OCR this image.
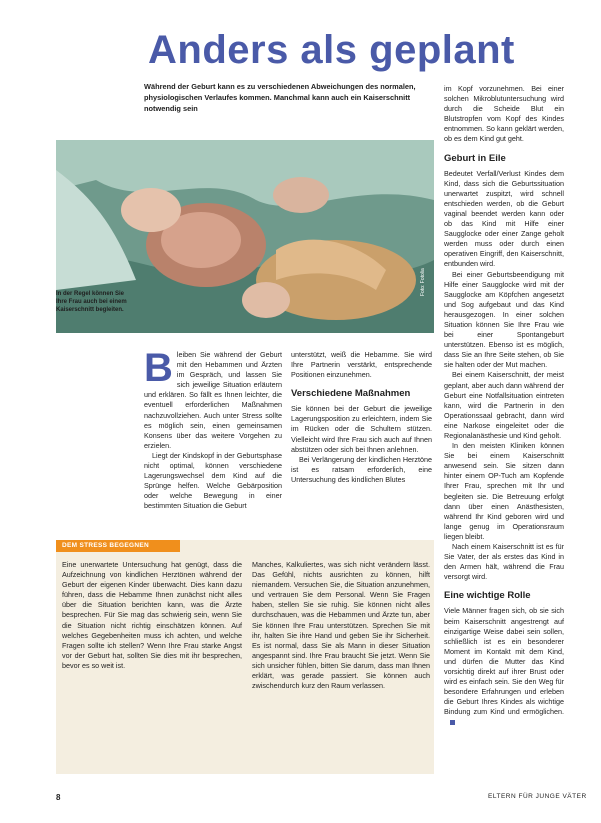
Anders als geplant
Während der Geburt kann es zu verschiedenen Abweichungen des normalen, physiologischen Verlaufes kommen. Manchmal kann auch ein Kaiserschnitt notwendig sein
Foto: Fotolia
In der Regel können Sie Ihre Frau auch bei einem Kaiserschnitt begleiten.

Bleiben Sie während der Geburt mit den Hebammen und Ärzten im Gespräch, und lassen Sie sich jeweilige Situation erläutern und erklären. So fällt es Ihnen leichter, die eventuell erforderlichen Maßnahmen nachzuvollziehen. Auch unter Stress sollte es möglich sein, einen gemeinsamen Konsens über das weitere Vorgehen zu erzielen.

Liegt der Kindskopf in der Geburtsphase nicht optimal, können verschiedene Lagerungswechsel dem Kind auf die Sprünge helfen. Welche Gebärposition oder welche Bewegung in einer bestimmten Situation die Geburt

unterstützt, weiß die Hebamme. Sie wird Ihre Partnerin verstärkt, entsprechende Positionen einzunehmen.

Verschiedene Maßnahmen

Sie können bei der Geburt die jeweilige Lagerungsposition zu erleichtern, indem Sie im Rücken oder die Schultern stützen. Vielleicht wird Ihre Frau sich auch auf Ihnen abstützen oder sich bei Ihnen anlehnen.

Bei Verlängerung der kindlichen Herztöne ist es ratsam erforderlich, eine Untersuchung des kindlichen Blutes

im Kopf vorzunehmen. Bei einer solchen Mikroblutuntersuchung wird durch die Scheide Blut ein Blutstropfen vom Kopf des Kindes entnommen. So kann geklärt werden, ob es dem Kind gut geht.

Geburt in Eile

Bedeutet Verfall/Verlust Kindes dem Kind, dass sich die Geburtssituation unerwartet zuspitzt, wird schnell entschieden werden, ob die Geburt vaginal beendet werden kann oder ob das Kind mit Hilfe einer Saugglocke oder einer Zange geholt werden muss oder durch einen operativen Eingriff, den Kaiserschnitt, entbunden wird.

Bei einer Geburtsbeendigung mit Hilfe einer Saugglocke wird mit der Saugglocke am Köpfchen angesetzt und Sog aufgebaut und das Kind herausgezogen. In einer solchen Situation können Sie Ihre Frau wie bei einer Spontangeburt unterstützen. Ebenso ist es möglich, dass Sie an Ihre Seite stehen, ob Sie sie halten oder der Mut machen.

Bei einem Kaiserschnitt, der meist geplant, aber auch dann während der Geburt eine Notfallsituation eintreten kann, wird die Partnerin in den Operationssaal gebracht, dann wird eine Narkose eingeleitet oder die Regionalanästhesie und Kind geholt.

In den meisten Kliniken können Sie bei einem Kaiserschnitt anwesend sein. Sie sitzen dann hinter einem OP-Tuch am Kopfende Ihrer Frau, sprechen mit Ihr und begleiten sie. Die Betreuung erfolgt dann über einen Anästhesisten, während Ihr Kind geboren wird und lange genug im Operationsraum liegen bleibt.

Nach einem Kaiserschnitt ist es für Sie Vater, der als erstes das Kind in den Armen hält, während die Frau versorgt wird.

Eine wichtige Rolle

Viele Männer fragen sich, ob sie sich beim Kaiserschnitt angestrengt auf einzigartige Weise dabei sein sollen, schließlich ist es ein besonderer Moment im Kontakt mit dem Kind, und dürfen die Mutter das Kind vorsichtig direkt auf ihrer Brust oder wird es einfach sein. Sie den Weg für besondere Erfahrungen und erleben die Geburt Ihres Kindes als wichtige Bindung zum Kind und ermöglichen.

DEM STRESS BEGEGNEN

Eine unerwartete Untersuchung hat genügt, dass die Aufzeichnung von kindlichen Herztönen während der Geburt der eigenen Kinder überwacht. Dies kann dazu führen, dass die Hebamme Ihnen zunächst nicht alles über die Situation berichten kann, was die Ärzte besprechen. Für Sie mag das schwierig sein, wenn Sie die Situation nicht richtig einschätzen können. Auf welches Gegebenheiten muss ich achten, und welche Fragen sollte ich stellen? Wenn Ihre Frau starke Angst vor der Geburt hat, sollten Sie dies mit ihr besprechen, bevor es so weit ist.

Manches, Kalkuliertes, was sich nicht verändern lässt. Das Gefühl, nichts ausrichten zu können, hilft niemandem. Versuchen Sie, die Situation anzunehmen, und vertrauen Sie dem Personal. Wenn Sie Fragen haben, stellen Sie sie ruhig. Sie können nicht alles durchschauen, was die Hebammen und Ärzte tun, aber Sie können Ihre Frau unterstützen. Sprechen Sie mit ihr, halten Sie ihre Hand und geben Sie ihr Sicherheit. Es ist normal, dass Sie als Mann in dieser Situation angespannt sind. Ihre Frau braucht Sie jetzt. Wenn Sie sich unsicher fühlen, bitten Sie darum, dass man Ihnen erklärt, was gerade passiert. Sie können auch zwischendurch kurz den Raum verlassen.

8	ELTERN FÜR JUNGE VÄTER
